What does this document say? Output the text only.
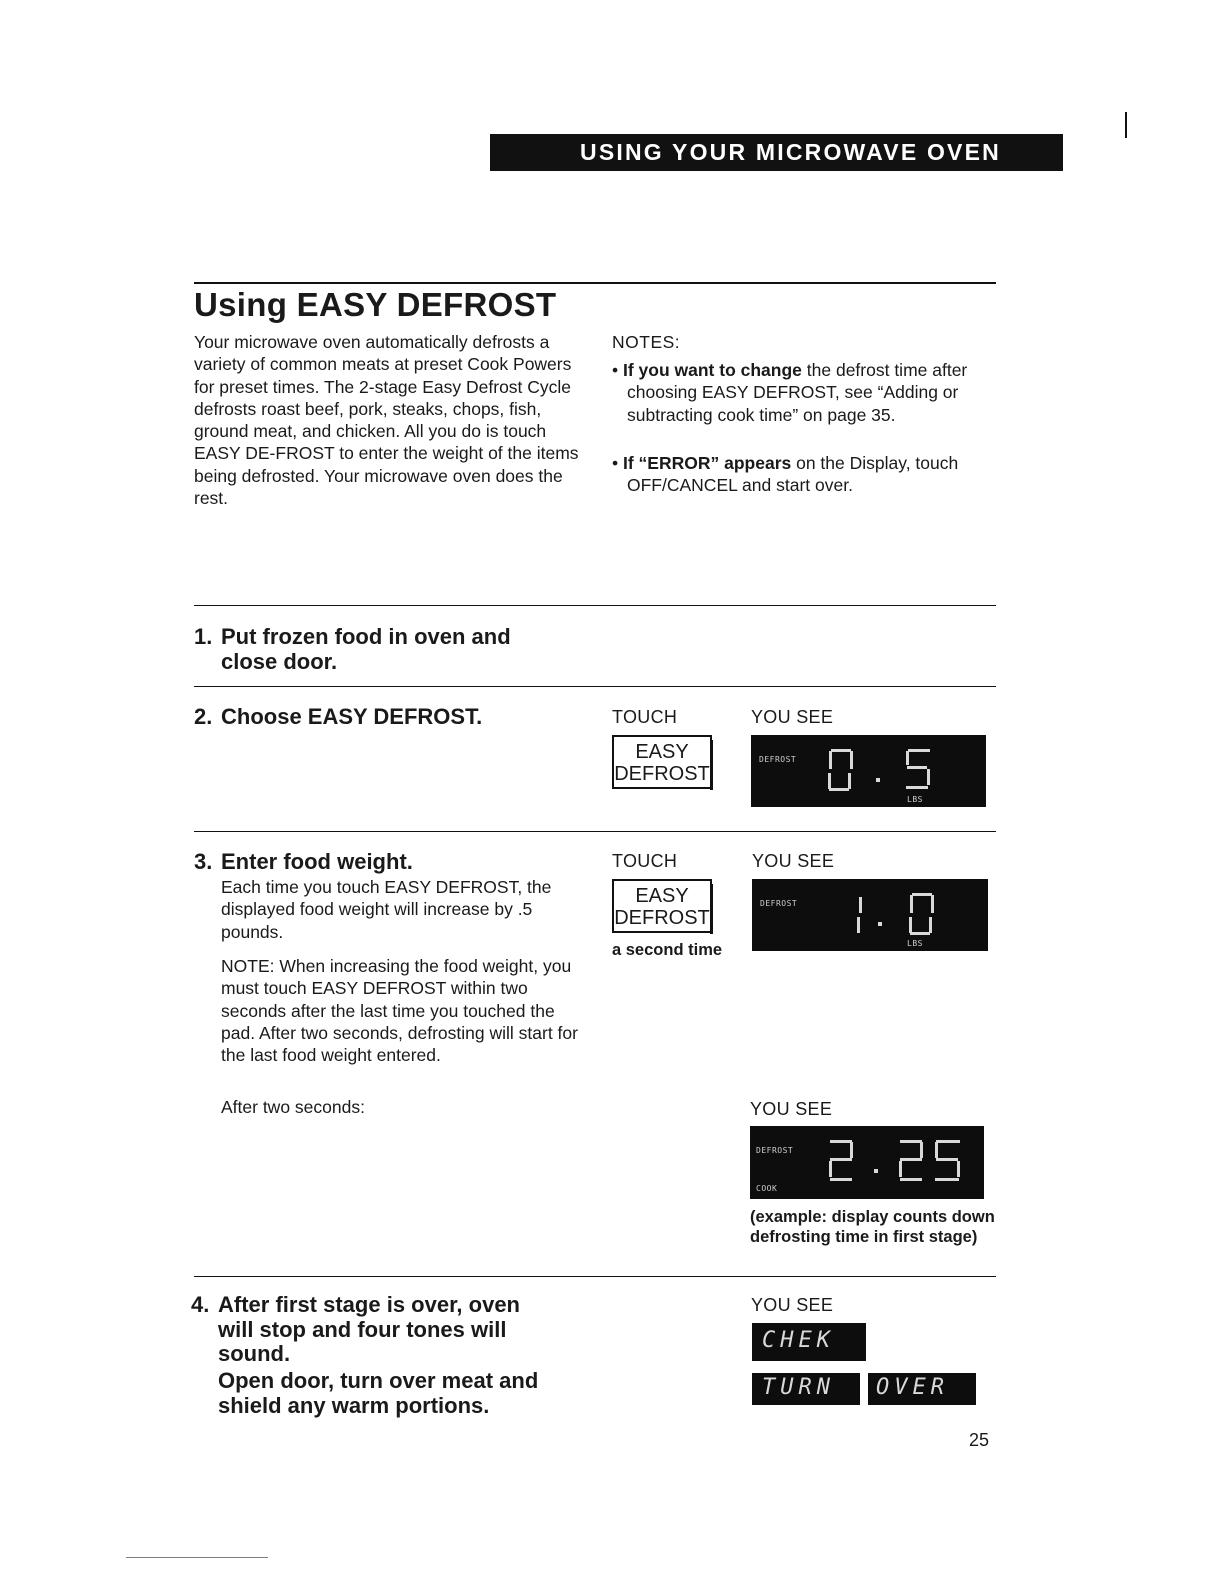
USING YOUR MICROWAVE OVEN
Using EASY DEFROST
Your microwave oven automatically defrosts a variety of common meats at preset Cook Powers for preset times. The 2-stage Easy Defrost Cycle defrosts roast beef, pork, steaks, chops, fish, ground meat, and chicken. All you do is touch EASY DE-FROST to enter the weight of the items being defrosted. Your microwave oven does the rest.
NOTES:
• If you want to change the defrost time after choosing EASY DEFROST, see “Adding or subtracting cook time” on page 35.
• If “ERROR” appears on the Display, touch OFF/CANCEL and start over.
1. Put frozen food in oven and
close door.
2. Choose EASY DEFROST.	TOUCH	YOU SEE
EASY
DEFROST
DEFROST
LBS
3. Enter food weight.
Each time you touch EASY DEFROST, the displayed food weight will increase by .5 pounds.
NOTE: When increasing the food weight, you must touch EASY DEFROST within two seconds after the last time you touched the pad. After two seconds, defrosting will start for the last food weight entered.
After two seconds:
TOUCH	YOU SEE
EASY
DEFROST
a second time
DEFROST
LBS
YOU SEE
DEFROST
COOK
(example: display counts down defrosting time in first stage)
4. After first stage is over, oven
will stop and four tones will
sound.
Open door, turn over meat and
shield any warm portions.
YOU SEE
CHEK
TURN OVER
25
